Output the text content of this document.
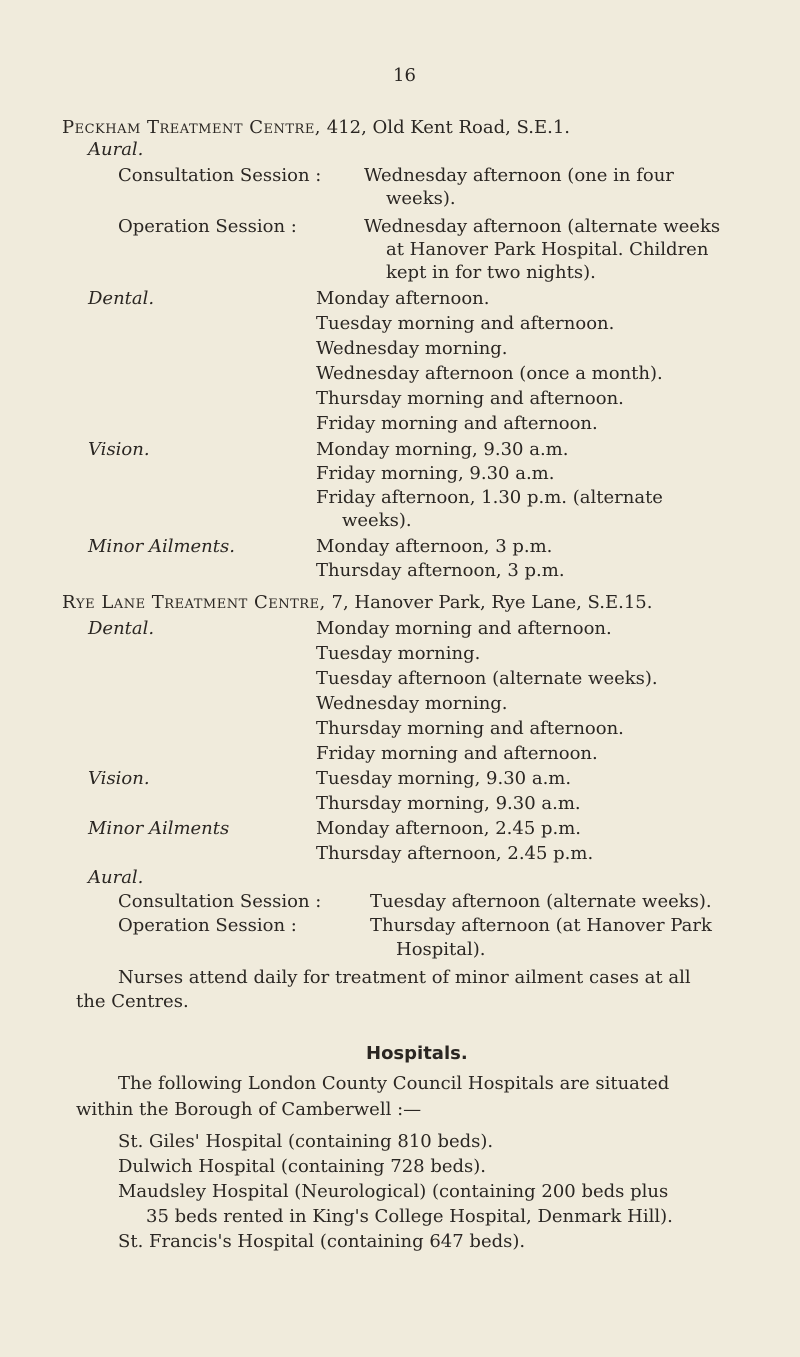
16
Peckham Treatment Centre, 412, Old Kent Road, S.E.1.
Aural.
Consultation Session : Wednesday afternoon (one in four
weeks).
Operation Session :	Wednesday afternoon (alternate weeks
at Hanover Park Hospital. Children
kept in for two nights).
Dental.	Monday afternoon.
Tuesday morning and afternoon.
Wednesday morning.
Wednesday afternoon (once a month).
Thursday morning and afternoon.
Friday morning and afternoon.
Vision.	Monday morning, 9.30 a.m.
Friday morning, 9.30 a.m.
Friday afternoon, 1.30 p.m. (alternate
weeks).
Minor Ailments.	Monday afternoon, 3 p.m.
Thursday afternoon, 3 p.m.
Rye Lane Treatment Centre, 7, Hanover Park, Rye Lane, S.E.15.
Dental.	Monday morning and afternoon.
Tuesday morning.
Tuesday afternoon (alternate weeks).
Wednesday morning.
Thursday morning and afternoon.
Friday morning and afternoon.
Vision.	Tuesday morning, 9.30 a.m.
Thursday morning, 9.30 a.m.
Minor Ailments	Monday afternoon, 2.45 p.m.
Thursday afternoon, 2.45 p.m.
Aural.
Consultation Session :	Tuesday afternoon (alternate weeks).
Operation Session :	Thursday afternoon (at Hanover Park
Hospital).
Nurses attend daily for treatment of minor ailment cases at all
the Centres.
Hospitals.
The following London County Council Hospitals are situated
within the Borough of Camberwell :—
St. Giles' Hospital (containing 810 beds).
Dulwich Hospital (containing 728 beds).
Maudsley Hospital (Neurological) (containing 200 beds plus
35 beds rented in King's College Hospital, Denmark Hill).
St. Francis's Hospital (containing 647 beds).
